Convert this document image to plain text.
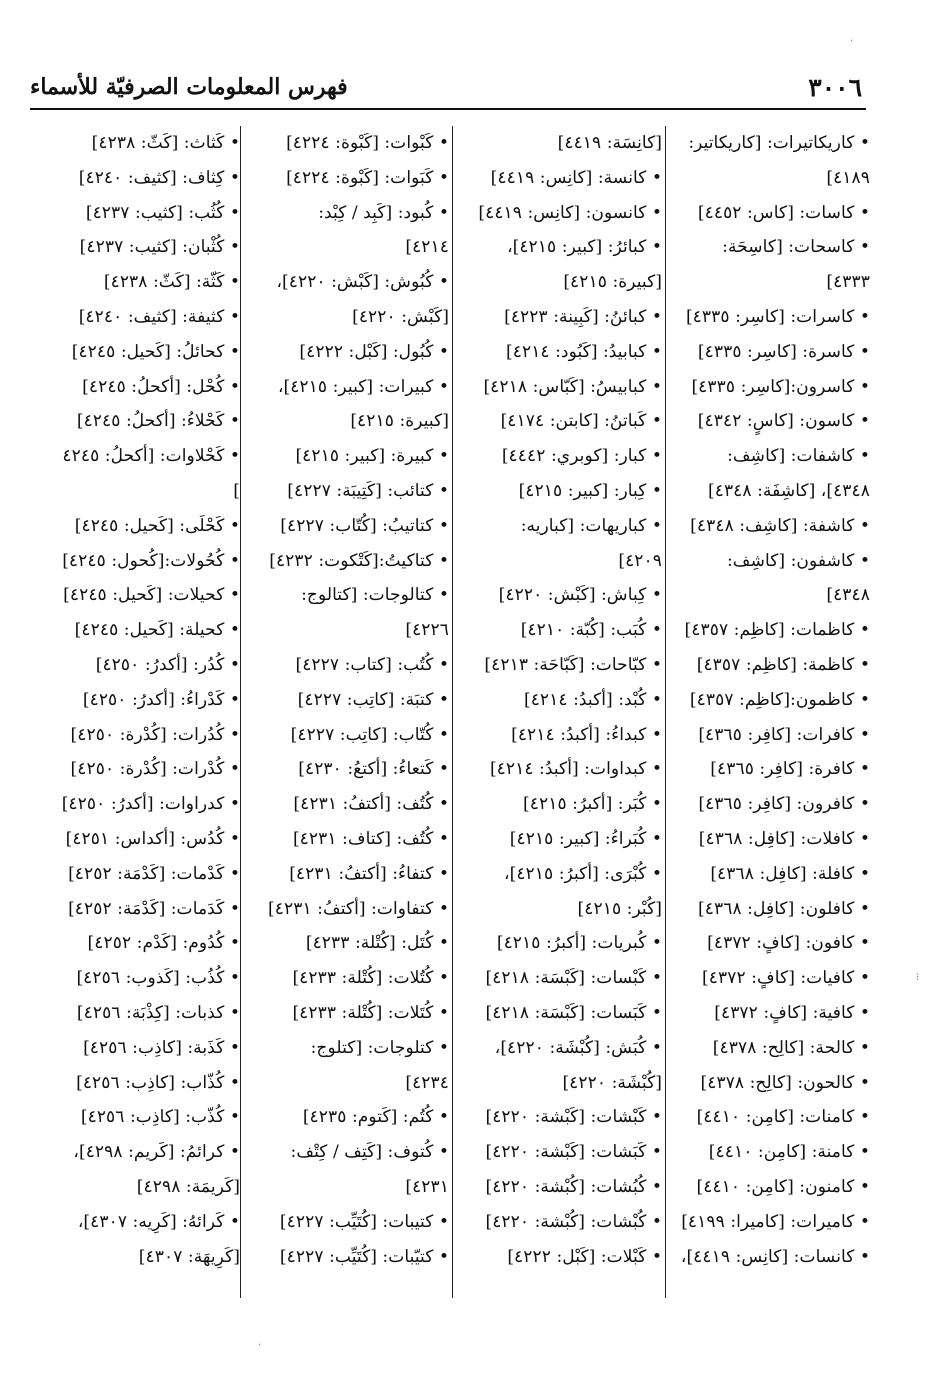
٣٠٠٦
فهرس المعلومات الصرفيّة للأسماء
• كاريكاتيرات: [كاريكاتير:
٤١٨٩]
• كاسات: [كاس: ٤٤٥٢]
• كاسحات: [كاسِحَة:
٤٣٣٣]
• كاسرات: [كاسِر: ٤٣٣٥]
• كاسرة: [كاسِر: ٤٣٣٥]
• كاسرون:[كاسِر: ٤٣٣٥]
• كاسون: [كاسٍ: ٤٣٤٢]
• كاشفات: [كاشِف:
٤٣٤٨]، [كاشِفَة: ٤٣٤٨]
• كاشفة: [كاشِف: ٤٣٤٨]
• كاشفون: [كاشِف:
٤٣٤٨]
• كاظمات: [كاظِم: ٤٣٥٧]
• كاظمة: [كاظِم: ٤٣٥٧]
• كاظمون:[كاظِم: ٤٣٥٧]
• كافرات: [كافِر: ٤٣٦٥]
• كافرة: [كافِر: ٤٣٦٥]
• كافرون: [كافِر: ٤٣٦٥]
• كافلات: [كافِل: ٤٣٦٨]
• كافلة: [كافِل: ٤٣٦٨]
• كافلون: [كافِل: ٤٣٦٨]
• كافون: [كافٍ: ٤٣٧٢]
• كافيات: [كافٍ: ٤٣٧٢]
• كافية: [كافٍ: ٤٣٧٢]
• كالحة: [كالِح: ٤٣٧٨]
• كالحون: [كالِح: ٤٣٧٨]
• كامنات: [كامِن: ٤٤١٠]
• كامنة: [كامِن: ٤٤١٠]
• كامنون: [كامِن: ٤٤١٠]
• كاميرات: [كاميرا: ٤١٩٩]
• كانسات: [كانِس: ٤٤١٩]،
[كانِسَة: ٤٤١٩]
• كانسة: [كانِس: ٤٤١٩]
• كانسون: [كانِس: ٤٤١٩]
• كبائرُ: [كبير: ٤٢١٥]،
[كبيرة: ٤٢١٥]
• كبائنُ: [كَبِينة: ٤٢٢٣]
• كبابيدُ: [كَبُود: ٤٢١٤]
• كبابيسُ: [كَبّاس: ٤٢١٨]
• كَباتنُ: [كابتن: ٤١٧٤]
• كبار: [كوبري: ٤٤٤٢]
• كِبار: [كبير: ٤٢١٥]
• كباريهات: [كباريه:
٤٢٠٩]
• كِباش: [كَبْش: ٤٢٢٠]
• كُبَب: [كُبّة: ٤٢١٠]
• كبّاحات: [كَبّاحَة: ٤٢١٣]
• كُبْد: [أكبدُ: ٤٢١٤]
• كبداءُ: [أكبدُ: ٤٢١٤]
• كبداوات: [أكبدُ: ٤٢١٤]
• كُبَر: [أكبرُ: ٤٢١٥]
• كُبَراءُ: [كبير: ٤٢١٥]
• كُبْرَى: [أكبرُ: ٤٢١٥]،
[كُبْر: ٤٢١٥]
• كُبريات: [أكبرُ: ٤٢١٥]
• كَبْسات: [كَبْسَة: ٤٢١٨]
• كَبَسات: [كَبْسَة: ٤٢١٨]
• كُبَش: [كُبْشَة: ٤٢٢٠]،
[كُبْشَة: ٤٢٢٠]
• كَبْشات: [كَبْشة: ٤٢٢٠]
• كَبَشات: [كَبْشة: ٤٢٢٠]
• كُبُشات: [كُبْشة: ٤٢٢٠]
• كُبْشات: [كُبْشة: ٤٢٢٠]
• كَبْلات: [كَبْل: ٤٢٢٢]
• كَبْوات: [كَبْوة: ٤٢٢٤]
• كَبَوات: [كَبْوة: ٤٢٢٤]
• كُبود: [كَبِد / كِبْد:
٤٢١٤]
• كُبُوش: [كَبْش: ٤٢٢٠]،
[كَبْش: ٤٢٢٠]
• كُبُول: [كَبْل: ٤٢٢٢]
• كبيرات: [كبير: ٤٢١٥]،
[كبيرة: ٤٢١٥]
• كبيرة: [كبير: ٤٢١٥]
• كتائب: [كَتِيبَة: ٤٢٢٧]
• كتاتيبُ: [كُتّاب: ٤٢٢٧]
• كتاكيتُ:[كَتْكوت: ٤٢٣٢]
• كتالوجات: [كتالوج:
٤٢٢٦]
• كُتُب: [كتاب: ٤٢٢٧]
• كتبَة: [كاتِب: ٤٢٢٧]
• كُتّاب: [كاتِب: ٤٢٢٧]
• كَتعاءُ: [أكتعُ: ٤٢٣٠]
• كُتُف: [أكتفُ: ٤٢٣١]
• كُتُف: [كتاف: ٤٢٣١]
• كتفاءُ: [أكتفُ: ٤٢٣١]
• كتفاوات: [أكتفُ: ٤٢٣١]
• كُتَل: [كُتْلة: ٤٢٣٣]
• كُتُلات: [كُتْلة: ٤٢٣٣]
• كُتَلات: [كُتْلة: ٤٢٣٣]
• كتلوجات: [كتلوج:
٤٢٣٤]
• كُتُم: [كَتوم: ٤٢٣٥]
• كُتوف: [كَتِف / كِتْف:
٤٢٣١]
• كتيبات: [كُتَيِّب: ٤٢٢٧]
• كتيّبات: [كُتَيِّب: ٤٢٢٧]
• كَثاث: [كَثّ: ٤٢٣٨]
• كِثاف: [كثيف: ٤٢٤٠]
• كُثُب: [كثيب: ٤٢٣٧]
• كُثْبان: [كثيب: ٤٢٣٧]
• كَثّة: [كَثّ: ٤٢٣٨]
• كثيفة: [كثيف: ٤٢٤٠]
• كحائلُ: [كَحيل: ٤٢٤٥]
• كُحْل: [أكحلُ: ٤٢٤٥]
• كَحْلاءُ: [أكحلُ: ٤٢٤٥]
• كَحْلاوات: [أكحلُ: ٤٢٤٥
]
• كَحْلَى: [كَحيل: ٤٢٤٥]
• كُحُولات:[كُحول: ٤٢٤٥]
• كحيلات: [كَحيل: ٤٢٤٥]
• كحيلة: [كَحيل: ٤٢٤٥]
• كُدُر: [أكدرُ: ٤٢٥٠]
• كَدْراءُ: [أكدرُ: ٤٢٥٠]
• كُدُرات: [كُدْرة: ٤٢٥٠]
• كُدْرات: [كُدْرة: ٤٢٥٠]
• كدراوات: [أكدرُ: ٤٢٥٠]
• كُدُس: [أكداس: ٤٢٥١]
• كَدْمات: [كَدْمَة: ٤٢٥٢]
• كَدَمات: [كَدْمَة: ٤٢٥٢]
• كُدُوم: [كَدْم: ٤٢٥٢]
• كُذُب: [كَذوب: ٤٢٥٦]
• كذبات: [كِذْبَة: ٤٢٥٦]
• كَذَبة: [كاذِب: ٤٢٥٦]
• كُذّاب: [كاذِب: ٤٢٥٦]
• كُذّب: [كاذِب: ٤٢٥٦]
• كرائمُ: [كَريم: ٤٢٩٨]،
[كَريمَة: ٤٢٩٨]
• كَرائهُ: [كَرِيه: ٤٣٠٧]،
[كَرِيهَة: ٤٣٠٧]
·
⁝
·
